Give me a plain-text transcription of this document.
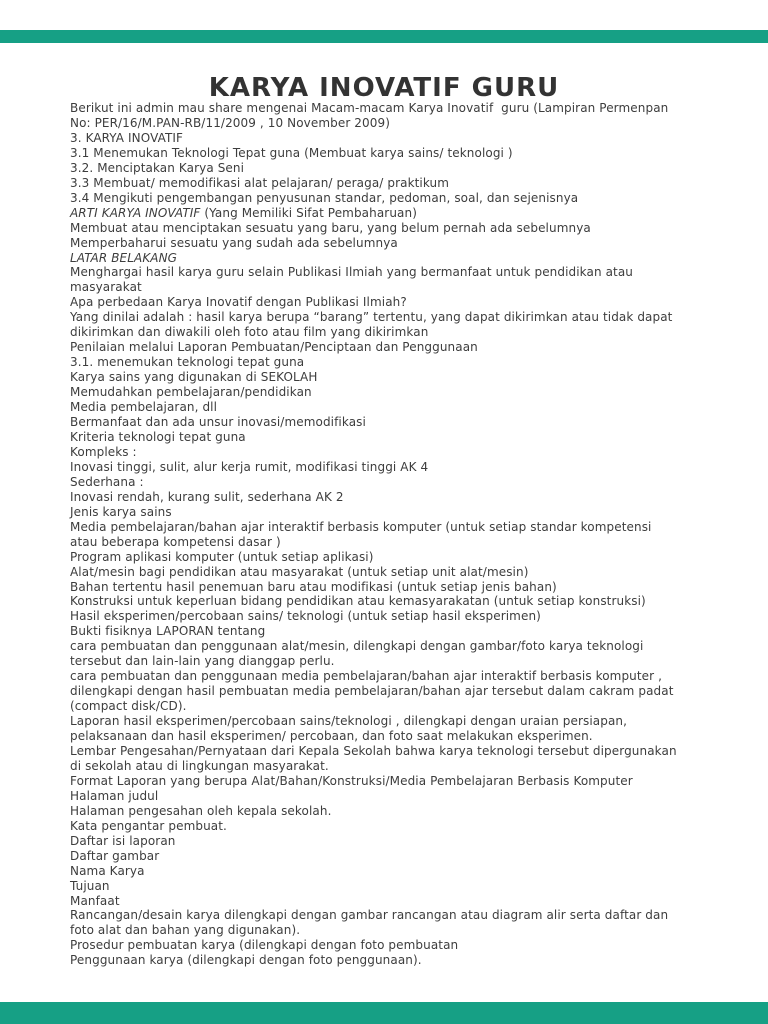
KARYA INOVATIF GURU
Berikut ini admin mau share mengenai Macam-macam Karya Inovatif  guru (Lampiran Permenpan
No: PER/16/M.PAN-RB/11/2009 , 10 November 2009)
3. KARYA INOVATIF
3.1 Menemukan Teknologi Tepat guna (Membuat karya sains/ teknologi )
3.2. Menciptakan Karya Seni
3.3 Membuat/ memodifikasi alat pelajaran/ peraga/ praktikum
3.4 Mengikuti pengembangan penyusunan standar, pedoman, soal, dan sejenisnya
ARTI KARYA INOVATIF (Yang Memiliki Sifat Pembaharuan)
Membuat atau menciptakan sesuatu yang baru, yang belum pernah ada sebelumnya
Memperbaharui sesuatu yang sudah ada sebelumnya
LATAR BELAKANG
Menghargai hasil karya guru selain Publikasi Ilmiah yang bermanfaat untuk pendidikan atau
masyarakat
Apa perbedaan Karya Inovatif dengan Publikasi Ilmiah?
Yang dinilai adalah : hasil karya berupa “barang” tertentu, yang dapat dikirimkan atau tidak dapat
dikirimkan dan diwakili oleh foto atau film yang dikirimkan
Penilaian melalui Laporan Pembuatan/Penciptaan dan Penggunaan
3.1. menemukan teknologi tepat guna
Karya sains yang digunakan di SEKOLAH
Memudahkan pembelajaran/pendidikan
Media pembelajaran, dll
Bermanfaat dan ada unsur inovasi/memodifikasi
Kriteria teknologi tepat guna
Kompleks :
Inovasi tinggi, sulit, alur kerja rumit, modifikasi tinggi AK 4
Sederhana :
Inovasi rendah, kurang sulit, sederhana AK 2
Jenis karya sains
Media pembelajaran/bahan ajar interaktif berbasis komputer (untuk setiap standar kompetensi
atau beberapa kompetensi dasar )
Program aplikasi komputer (untuk setiap aplikasi)
Alat/mesin bagi pendidikan atau masyarakat (untuk setiap unit alat/mesin)
Bahan tertentu hasil penemuan baru atau modifikasi (untuk setiap jenis bahan)
Konstruksi untuk keperluan bidang pendidikan atau kemasyarakatan (untuk setiap konstruksi)
Hasil eksperimen/percobaan sains/ teknologi (untuk setiap hasil eksperimen)
Bukti fisiknya LAPORAN tentang
cara pembuatan dan penggunaan alat/mesin, dilengkapi dengan gambar/foto karya teknologi
tersebut dan lain-lain yang dianggap perlu.
cara pembuatan dan penggunaan media pembelajaran/bahan ajar interaktif berbasis komputer ,
dilengkapi dengan hasil pembuatan media pembelajaran/bahan ajar tersebut dalam cakram padat
(compact disk/CD).
Laporan hasil eksperimen/percobaan sains/teknologi , dilengkapi dengan uraian persiapan,
pelaksanaan dan hasil eksperimen/ percobaan, dan foto saat melakukan eksperimen.
Lembar Pengesahan/Pernyataan dari Kepala Sekolah bahwa karya teknologi tersebut dipergunakan
di sekolah atau di lingkungan masyarakat.
Format Laporan yang berupa Alat/Bahan/Konstruksi/Media Pembelajaran Berbasis Komputer
Halaman judul
Halaman pengesahan oleh kepala sekolah.
Kata pengantar pembuat.
Daftar isi laporan
Daftar gambar
Nama Karya
Tujuan
Manfaat
Rancangan/desain karya dilengkapi dengan gambar rancangan atau diagram alir serta daftar dan
foto alat dan bahan yang digunakan).
Prosedur pembuatan karya (dilengkapi dengan foto pembuatan
Penggunaan karya (dilengkapi dengan foto penggunaan).
